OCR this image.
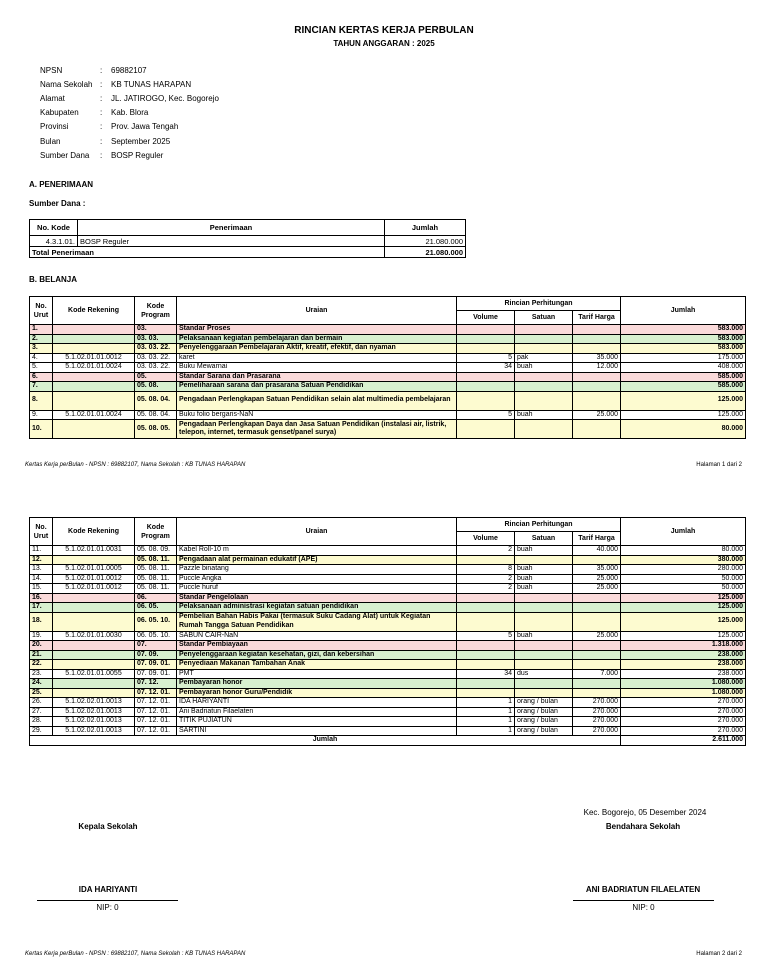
RINCIAN KERTAS KERJA PERBULAN
TAHUN ANGGARAN : 2025
NPSN	:	69882107
Nama Sekolah :	KB TUNAS HARAPAN
Alamat	:	JL. JATIROGO, Kec. Bogorejo
Kabupaten	:	Kab. Blora
Provinsi	:	Prov. Jawa Tengah
Bulan	:	September 2025
Sumber Dana	:	BOSP Reguler
A. PENERIMAAN
Sumber Dana :
No. Kode	Penerimaan	Jumlah
4.3.1.01.	BOSP Reguler	21.080.000
Total Penerimaan		21.080.000
B. BELANJA
No. Urut	Kode Rekening	Kode Program	Uraian	Rincian Perhitungan			Jumlah
				Volume	Satuan	Tarif Harga	
1.		03.	Standar Proses				583.000
2.		03. 03.	Pelaksanaan kegiatan pembelajaran dan bermain				583.000
3.		03. 03. 22.	Penyelenggaraan Pembelajaran Aktif, kreatif, efektif, dan nyaman				583.000
4.	5.1.02.01.01.0012	03. 03. 22.	karet	5	pak	35.000	175.000
5.	5.1.02.01.01.0024	03. 03. 22.	Buku Mewarnai	34	buah	12.000	408.000
6.		05.	Standar Sarana dan Prasarana				585.000
7.		05. 08.	Pemeliharaan sarana dan prasarana Satuan Pendidikan				585.000
8.		05. 08. 04.	Pengadaan Perlengkapan Satuan Pendidikan selain alat multimedia pembelajaran				125.000
9.	5.1.02.01.01.0024	05. 08. 04.	Buku folio bergaris-NaN	5	buah	25.000	125.000
10.		05. 08. 05.	Pengadaan Perlengkapan Daya dan Jasa Satuan Pendidikan (instalasi air, listrik, telepon, internet, termasuk genset/panel surya)				80.000
Kertas Kerja perBulan - NPSN : 69882107, Nama Sekolah : KB TUNAS HARAPAN	Halaman 1 dari 2
No. Urut	Kode Rekening	Kode Program	Uraian	Rincian Perhitungan			Jumlah
				Volume	Satuan	Tarif Harga	
11.	5.1.02.01.01.0031	05. 08. 09.	Kabel Roll-10 m	2	buah	40.000	80.000
12.		05. 08. 11.	Pengadaan alat permainan edukatif (APE)				380.000
13.	5.1.02.01.01.0005	05. 08. 11.	Pazzle binatang	8	buah	35.000	280.000
14.	5.1.02.01.01.0012	05. 08. 11.	Puccle Angka	2	buah	25.000	50.000
15.	5.1.02.01.01.0012	05. 08. 11.	Puccle huruf	2	buah	25.000	50.000
16.		06.	Standar Pengelolaan				125.000
17.		06. 05.	Pelaksanaan administrasi kegiatan satuan pendidikan				125.000
18.		06. 05. 10.	Pembelian Bahan Habis Pakai (termasuk Suku Cadang Alat) untuk Kegiatan Rumah Tangga Satuan Pendidikan				125.000
19.	5.1.02.01.01.0030	06. 05. 10.	SABUN CAIR-NaN	5	buah	25.000	125.000
20.		07.	Standar Pembiayaan				1.318.000
21.		07. 09.	Penyelenggaraan kegiatan kesehatan, gizi, dan kebersihan				238.000
22.		07. 09. 01.	Penyediaan Makanan Tambahan Anak				238.000
23.	5.1.02.01.01.0055	07. 09. 01.	PMT	34	dus	7.000	238.000
24.		07. 12.	Pembayaran honor				1.080.000
25.		07. 12. 01.	Pembayaran honor Guru/Pendidik				1.080.000
26.	5.1.02.02.01.0013	07. 12. 01.	IDA HARIYANTI	1	orang / bulan	270.000	270.000
27.	5.1.02.02.01.0013	07. 12. 01.	Ani Badriatun Filaelaten	1	orang / bulan	270.000	270.000
28.	5.1.02.02.01.0013	07. 12. 01.	TITIK PUJIATUN	1	orang / bulan	270.000	270.000
29.	5.1.02.02.01.0013	07. 12. 01.	SARTINI	1	orang / bulan	270.000	270.000
Jumlah							2.611.000
Kec. Bogorejo, 05 Desember 2024
Kepala Sekolah	Bendahara Sekolah
IDA HARIYANTI	ANI BADRIATUN FILAELATEN
NIP: 0	NIP: 0
Kertas Kerja perBulan - NPSN : 69882107, Nama Sekolah : KB TUNAS HARAPAN	Halaman 2 dari 2
